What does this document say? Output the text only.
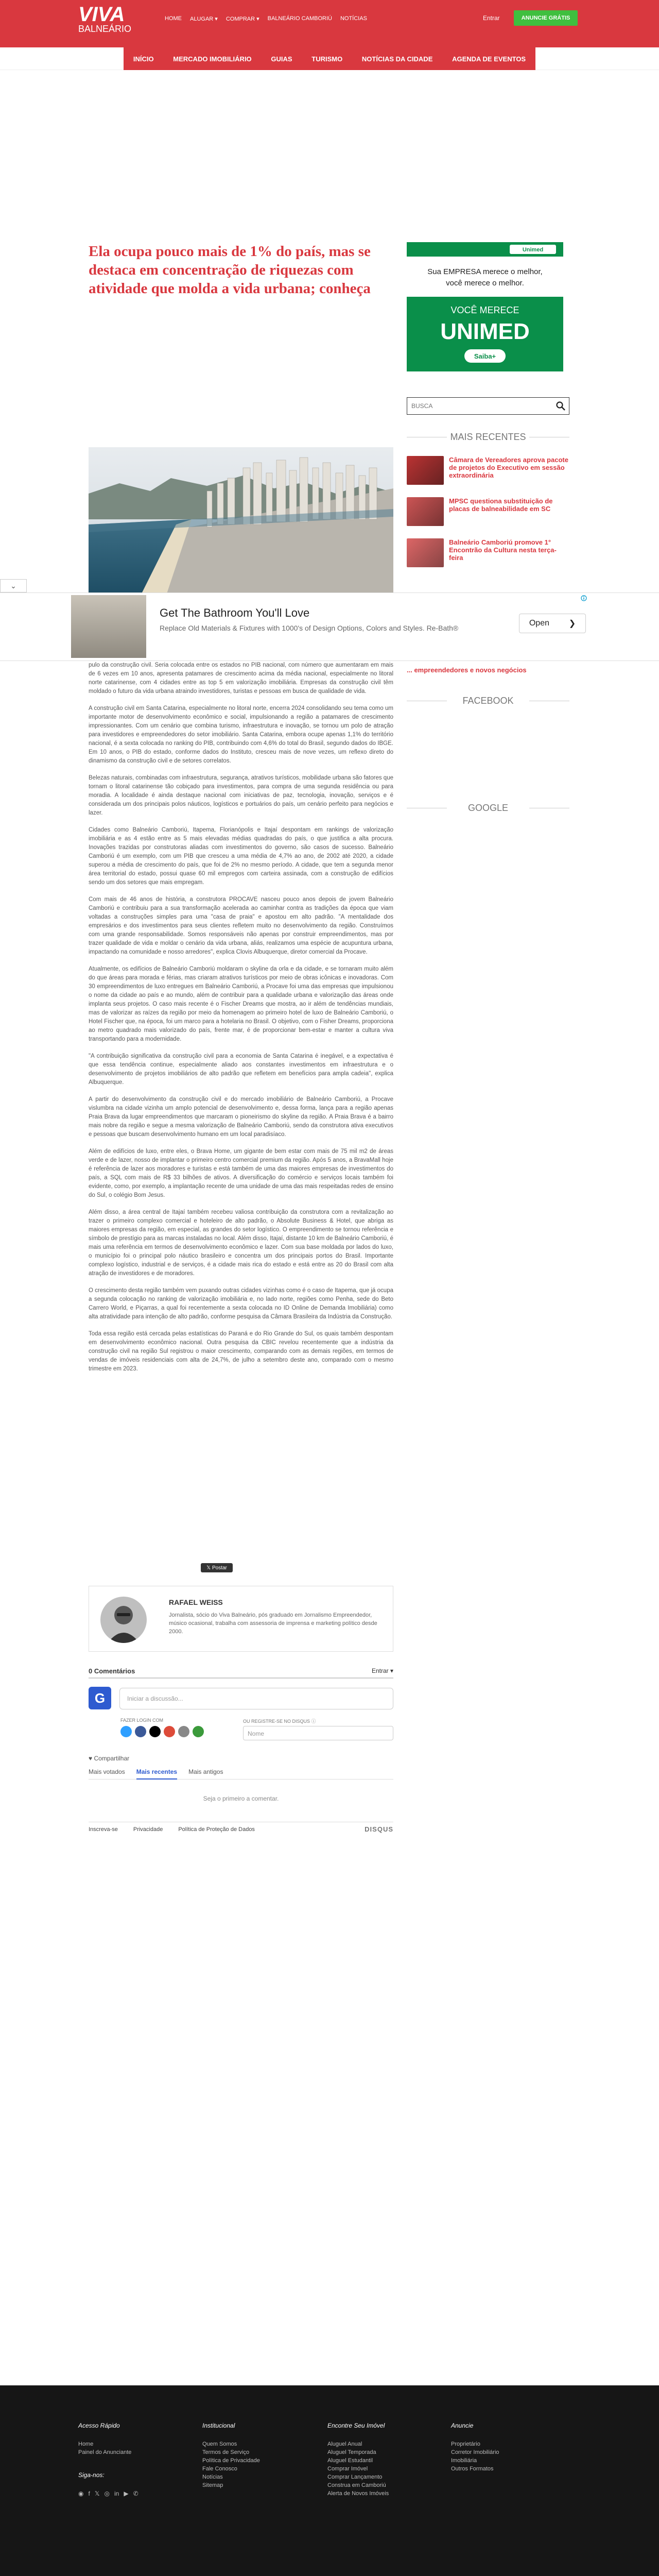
VIVA
BALNEÁRIO
HOME ALUGAR ▾ COMPRAR ▾ BALNEÁRIO CAMBORIÚ NOTÍCIAS	Entrar	ANUNCIE GRÁTIS
INÍCIO	MERCADO IMOBILIÁRIO	GUIAS	TURISMO	NOTÍCIAS DA CIDADE	AGENDA DE EVENTOS
Ela ocupa pouco mais de 1% do país, mas se destaca em concentração de riquezas com atividade que molda a vida urbana; conheça
Unimed
Sua EMPRESA merece o melhor,
você merece o melhor.
VOCÊ MERECE
UNIMED
Saiba+
BUSCA
MAIS RECENTES
Câmara de Vereadores aprova pacote de projetos do Executivo em sessão extraordinária
MPSC questiona substituição de placas de balneabilidade em SC
Balneário Camboriú promove 1° Encontrão da Cultura nesta terça-feira
... empreendedores e novos negócios
FACEBOOK
GOOGLE
⌄
Get The Bathroom You'll Love
Replace Old Materials & Fixtures with 1000's of Design Options, Colors and Styles. Re-Bath®
Open ❯

pulo da construção civil. Seria colocada entre os estados no PIB nacional, com número que aumentaram em mais de 6 vezes em 10 anos, apresenta patamares de crescimento acima da média nacional, especialmente no litoral norte catarinense, com 4 cidades entre as top 5 em valorização imobiliária. Empresas da construção civil têm moldado o futuro da vida urbana atraindo investidores, turistas e pessoas em busca de qualidade de vida.

A construção civil em Santa Catarina, especialmente no litoral norte, encerra 2024 consolidando seu tema como um importante motor de desenvolvimento econômico e social, impulsionando a região a patamares de crescimento impressionantes. Com um cenário que combina turismo, infraestrutura e inovação, se tornou um polo de atração para investidores e empreendedores do setor imobiliário. Santa Catarina, embora ocupe apenas 1,1% do território nacional, é a sexta colocada no ranking do PIB, contribuindo com 4,6% do total do Brasil, segundo dados do IBGE. Em 10 anos, o PIB do estado, conforme dados do Instituto, cresceu mais de nove vezes, um reflexo direto do dinamismo da construção civil e de setores correlatos.

Belezas naturais, combinadas com infraestrutura, segurança, atrativos turísticos, mobilidade urbana são fatores que tornam o litoral catarinense tão cobiçado para investimentos, para compra de uma segunda residência ou para moradia. A localidade é ainda destaque nacional com iniciativas de paz, tecnologia, inovação, serviços e é considerada um dos principais polos náuticos, logísticos e portuários do país, um cenário perfeito para negócios e lazer.

Cidades como Balneário Camboriú, Itapema, Florianópolis e Itajaí despontam em rankings de valorização imobiliária e as 4 estão entre as 5 mais elevadas médias quadradas do país, o que justifica a alta procura. Inovações trazidas por construtoras aliadas com investimentos do governo, são casos de sucesso. Balneário Camboriú é um exemplo, com um PIB que cresceu a uma média de 4,7% ao ano, de 2002 até 2020, a cidade superou a média de crescimento do país, que foi de 2% no mesmo período. A cidade, que tem a segunda menor área territorial do estado, possui quase 60 mil empregos com carteira assinada, com a construção de edifícios sendo um dos setores que mais empregam.

Com mais de 46 anos de história, a construtora PROCAVE nasceu pouco anos depois de jovem Balneário Camboriú e contribuiu para a sua transformação acelerada ao caminhar contra as tradições da época que viam voltadas a construções simples para uma "casa de praia" e apostou em alto padrão. "A mentalidade dos empresários e dos investimentos para seus clientes refletem muito no desenvolvimento da região. Construímos com uma grande responsabilidade. Somos responsáveis não apenas por construir empreendimentos, mas por trazer qualidade de vida e moldar o cenário da vida urbana, aliás, realizamos uma espécie de acupuntura urbana, impactando na comunidade e nosso arredores", explica Clovis Albuquerque, diretor comercial da Procave.

Atualmente, os edifícios de Balneário Camboriú moldaram o skyline da orla e da cidade, e se tornaram muito além do que áreas para morada e férias, mas criaram atrativos turísticos por meio de obras icônicas e inovadoras. Com 30 empreendimentos de luxo entregues em Balneário Camboriú, a Procave foi uma das empresas que impulsionou o nome da cidade ao país e ao mundo, além de contribuir para a qualidade urbana e valorização das áreas onde implanta seus projetos. O caso mais recente é o Fischer Dreams que mostra, ao ir além de tendências mundiais, mas de valorizar as raízes da região por meio da homenagem ao primeiro hotel de luxo de Balneário Camboriú, o Hotel Fischer que, na época, foi um marco para a hotelaria no Brasil. O objetivo, com o Fisher Dreams, proporciona ao metro quadrado mais valorizado do país, frente mar, é de proporcionar bem-estar e manter a cultura viva transportando para a modernidade.

"A contribuição significativa da construção civil para a economia de Santa Catarina é inegável, e a expectativa é que essa tendência continue, especialmente aliado aos constantes investimentos em infraestrutura e o desenvolvimento de projetos imobiliários de alto padrão que refletem em benefícios para ampla cadeia", explica Albuquerque.

A partir do desenvolvimento da construção civil e do mercado imobiliário de Balneário Camboriú, a Procave vislumbra na cidade vizinha um amplo potencial de desenvolvimento e, dessa forma, lança para a região apenas Praia Brava da lugar empreendimentos que marcaram o pioneirismo do skyline da região. A Praia Brava é a bairro mais nobre da região e segue a mesma valorização de Balneário Camboriú, sendo da construtora ativa executivos e pessoas que buscam desenvolvimento humano em um local paradisíaco.

Além de edifícios de luxo, entre eles, o Brava Home, um gigante de bem estar com mais de 75 mil m2 de áreas verde e de lazer, nosso de implantar o primeiro centro comercial premium da região. Após 5 anos, a BravaMall hoje é referência de lazer aos moradores e turistas e está também de uma das maiores empresas de investimentos do país, a SQL com mais de R$ 33 bilhões de ativos. A diversificação do comércio e serviços locais também foi evidente, como, por exemplo, a implantação recente de uma unidade de uma das mais respeitadas redes de ensino do Sul, o colégio Bom Jesus.

Além disso, a área central de Itajaí também recebeu valiosa contribuição da construtora com a revitalização ao trazer o primeiro complexo comercial e hoteleiro de alto padrão, o Absolute Business & Hotel, que abriga as maiores empresas da região, em especial, as grandes do setor logístico. O empreendimento se tornou referência e símbolo de prestígio para as marcas instaladas no local. Além disso, Itajaí, distante 10 km de Balneário Camboriú, é mais uma referência em termos de desenvolvimento econômico e lazer. Com sua base moldada por lados do luxo, o município foi o principal polo náutico brasileiro e concentra um dos principais portos do Brasil. Importante complexo logístico, industrial e de serviços, é a cidade mais rica do estado e está entre as 20 do Brasil com alta atração de investidores e de moradores.

O crescimento desta região também vem puxando outras cidades vizinhas como é o caso de Itapema, que já ocupa a segunda colocação no ranking de valorização imobiliária e, no lado norte, regiões como Penha, sede do Beto Carrero World, e Piçarras, a qual foi recentemente a sexta colocada no ID Online de Demanda Imobiliária) como alta atratividade para intenção de alto padrão, conforme pesquisa da Câmara Brasileira da Indústria da Construção.

Toda essa região está cercada pelas estatísticas do Paraná e do Rio Grande do Sul, os quais também despontam em desenvolvimento econômico nacional. Outra pesquisa da CBIC revelou recentemente que a indústria da construção civil na região Sul registrou o maior crescimento, comparando com as demais regiões, em termos de vendas de imóveis residenciais com alta de 24,7%, de julho a setembro deste ano, comparado com o mesmo trimestre em 2023.

𝕏 Postar
RAFAEL WEISS
Jornalista, sócio do Viva Balneário, pós graduado em Jornalismo Empreendedor, músico ocasional, trabalha com assessoria de imprensa e marketing político desde 2000.
0 Comentários	Entrar ▾
G	Iniciar a discussão...
FAZER LOGIN COM	OU REGISTRE-SE NO DISQUS ⓘ
Nome
♥ Compartilhar
Mais votados Mais recentes Mais antigos
Seja o primeiro a comentar.
Inscreva-se	Privacidade	Política de Proteção de Dados	DISQUS
Acesso Rápido
Home
Painel do Anunciante
Siga-nos:
◉ f 𝕏 ◎ in ▶ ✆
Institucional
Quem Somos
Termos de Serviço
Política de Privacidade
Fale Conosco
Notícias
Sitemap
Encontre Seu Imóvel
Aluguel Anual
Aluguel Temporada
Aluguel Estudantil
Comprar Imóvel
Comprar Lançamento
Construa em Camboriú
Alerta de Novos Imóveis
Anuncie
Proprietário
Corretor Imobiliário
Imobiliária
Outros Formatos
